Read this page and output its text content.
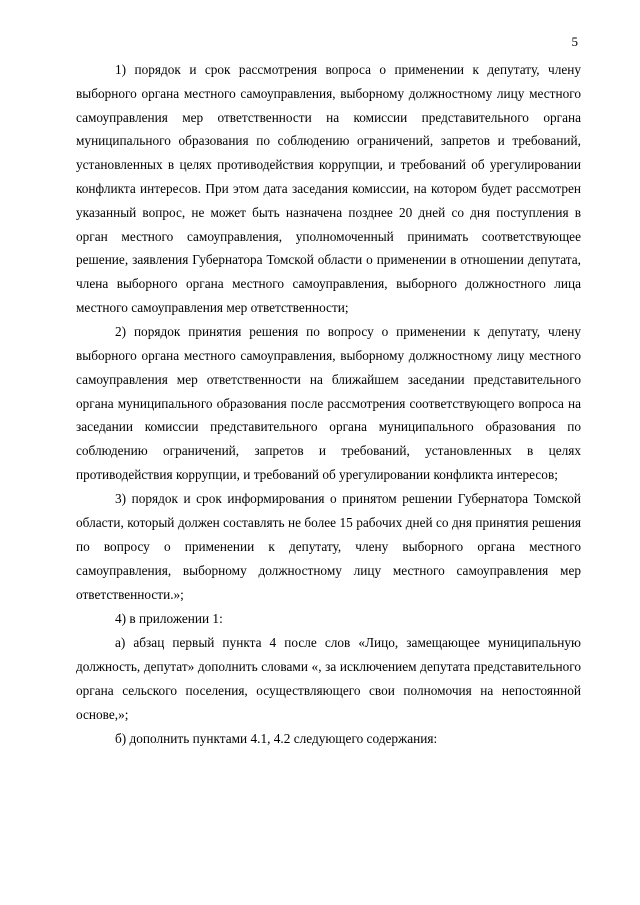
5

1) порядок и срок рассмотрения вопроса о применении к депутату, члену выборного органа местного самоуправления, выборному должностному лицу местного самоуправления мер ответственности на комиссии представительного органа муниципального образования по соблюдению ограничений, запретов и требований, установленных в целях противодействия коррупции, и требований об урегулировании конфликта интересов. При этом дата заседания комиссии, на котором будет рассмотрен указанный вопрос, не может быть назначена позднее 20 дней со дня поступления в орган местного самоуправления, уполномоченный принимать соответствующее решение, заявления Губернатора Томской области о применении в отношении депутата, члена выборного органа местного самоуправления, выборного должностного лица местного самоуправления мер ответственности;

2) порядок принятия решения по вопросу о применении к депутату, члену выборного органа местного самоуправления, выборному должностному лицу местного самоуправления мер ответственности на ближайшем заседании представительного органа муниципального образования после рассмотрения соответствующего вопроса на заседании комиссии представительного органа муниципального образования по соблюдению ограничений, запретов и требований, установленных в целях противодействия коррупции, и требований об урегулировании конфликта интересов;

3) порядок и срок информирования о принятом решении Губернатора Томской области, который должен составлять не более 15 рабочих дней со дня принятия решения по вопросу о применении к депутату, члену выборного органа местного самоуправления, выборному должностному лицу местного самоуправления мер ответственности.»;

4) в приложении 1:

а) абзац первый пункта 4 после слов «Лицо, замещающее муниципальную должность, депутат» дополнить словами «, за исключением депутата представительного органа сельского поселения, осуществляющего свои полномочия на непостоянной основе,»;

б) дополнить пунктами 4.1, 4.2 следующего содержания:
